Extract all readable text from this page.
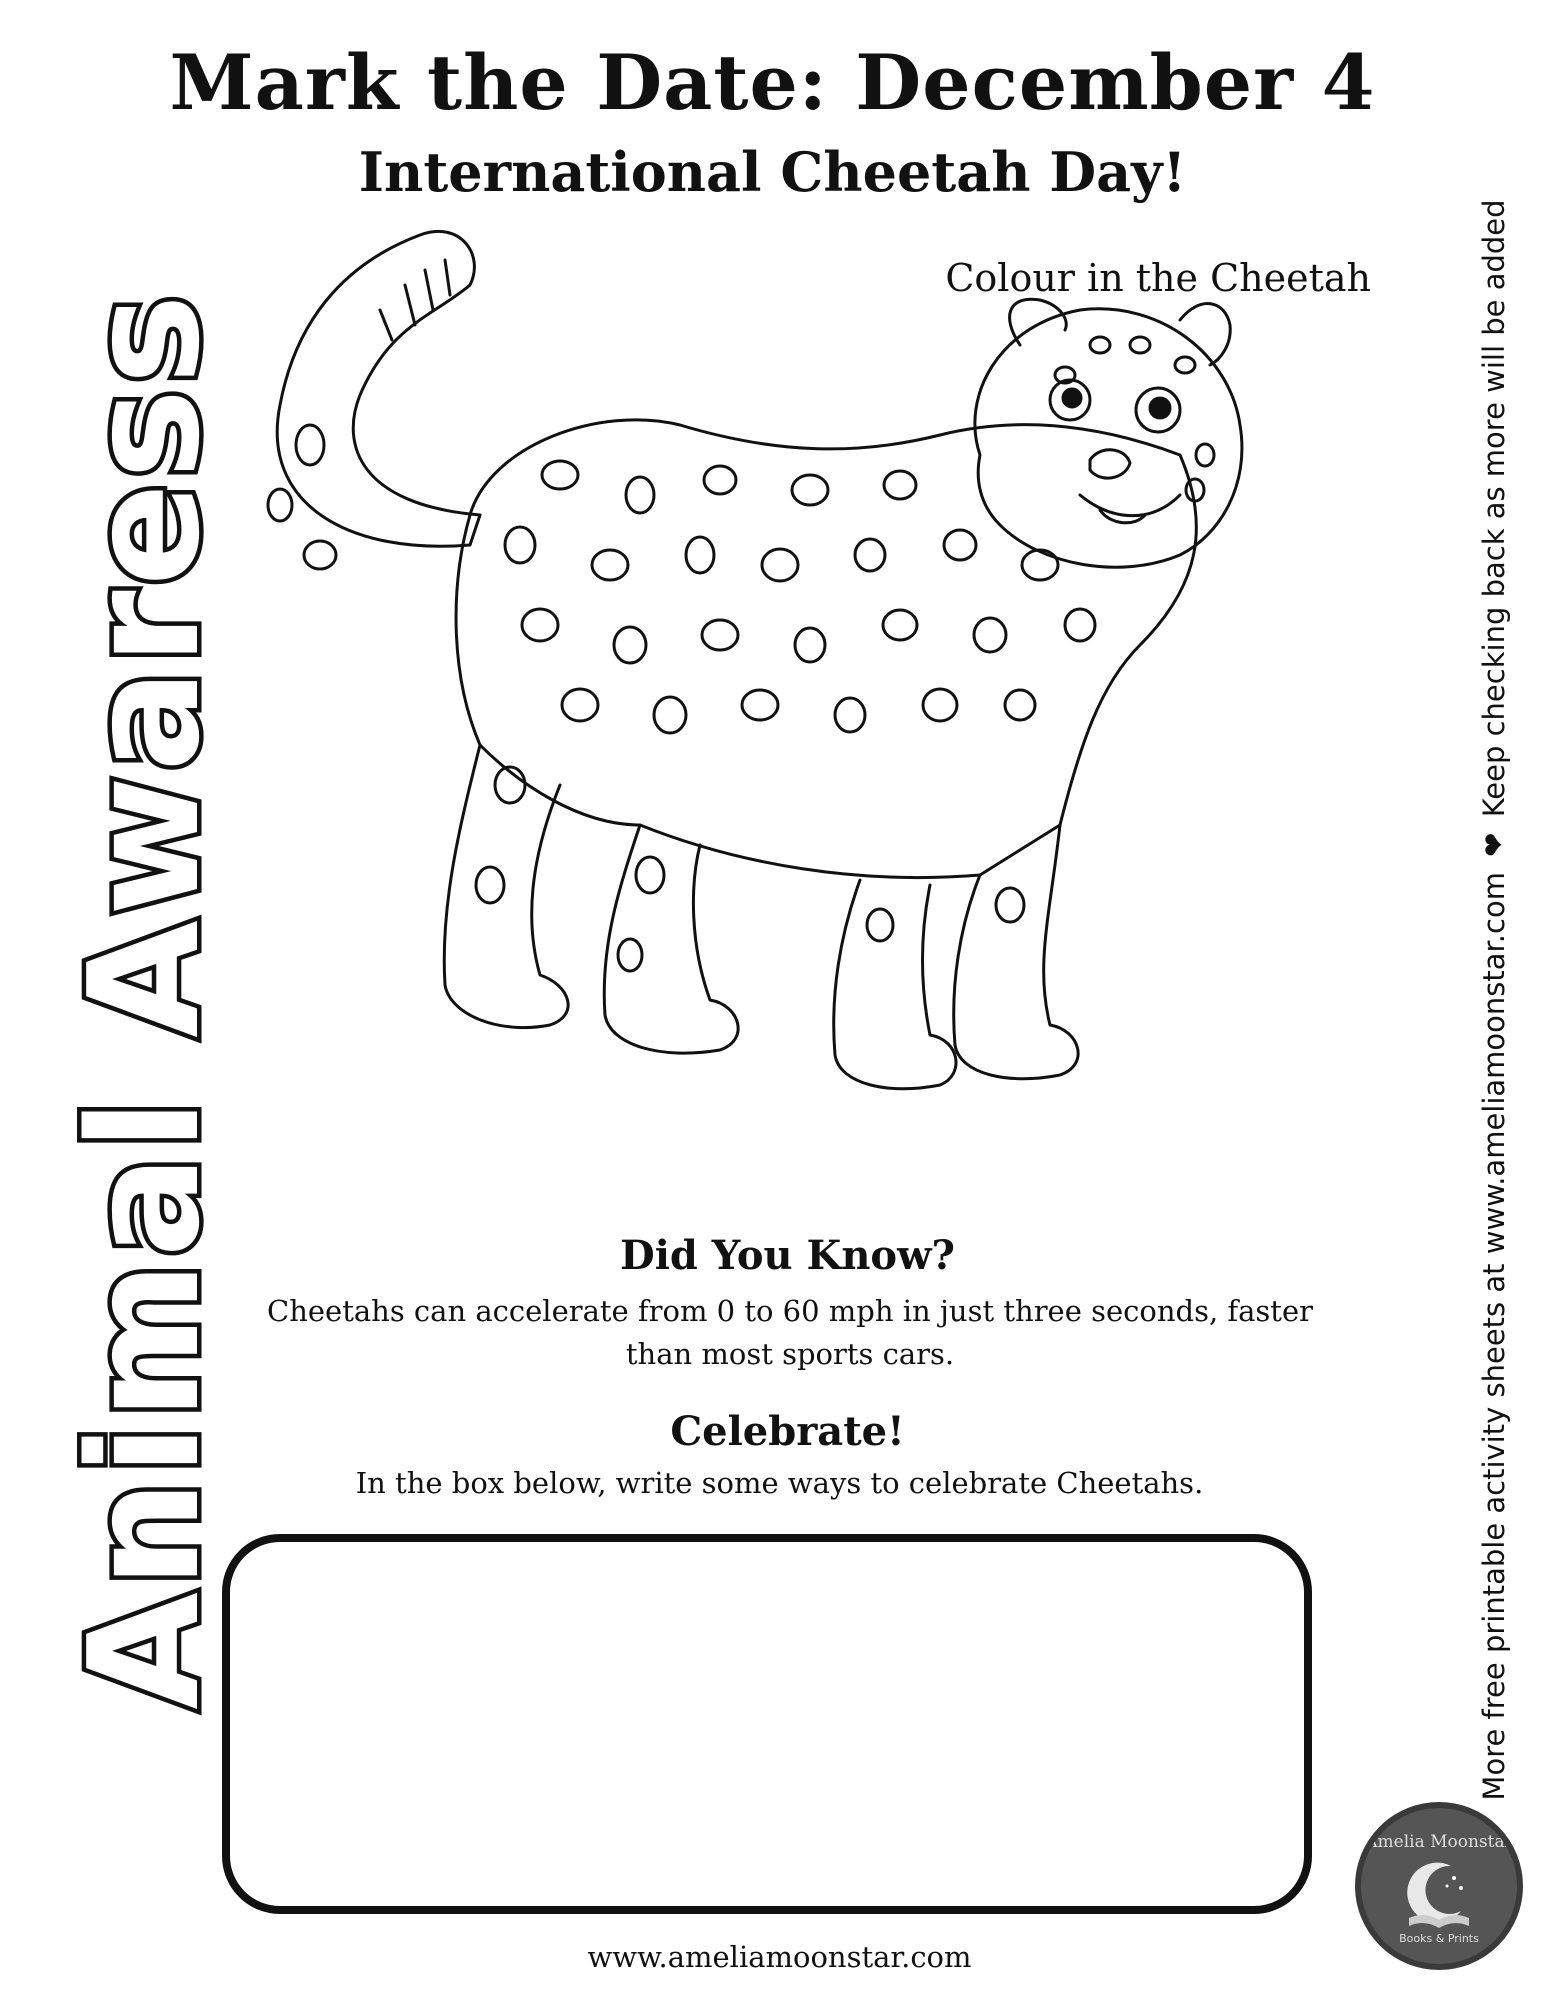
Mark the Date: December 4
International Cheetah Day!
Colour in the Cheetah
Animal Awaress	More free printable activity sheets at www.ameliamoonstar.com ❤ Keep checking back as more will be added
Did You Know?
Cheetahs can accelerate from 0 to 60 mph in just three seconds, faster than most sports cars.
Celebrate!
In the box below, write some ways to celebrate Cheetahs.
www.ameliamoonstar.com
Amelia Moonstar
Books & Prints
